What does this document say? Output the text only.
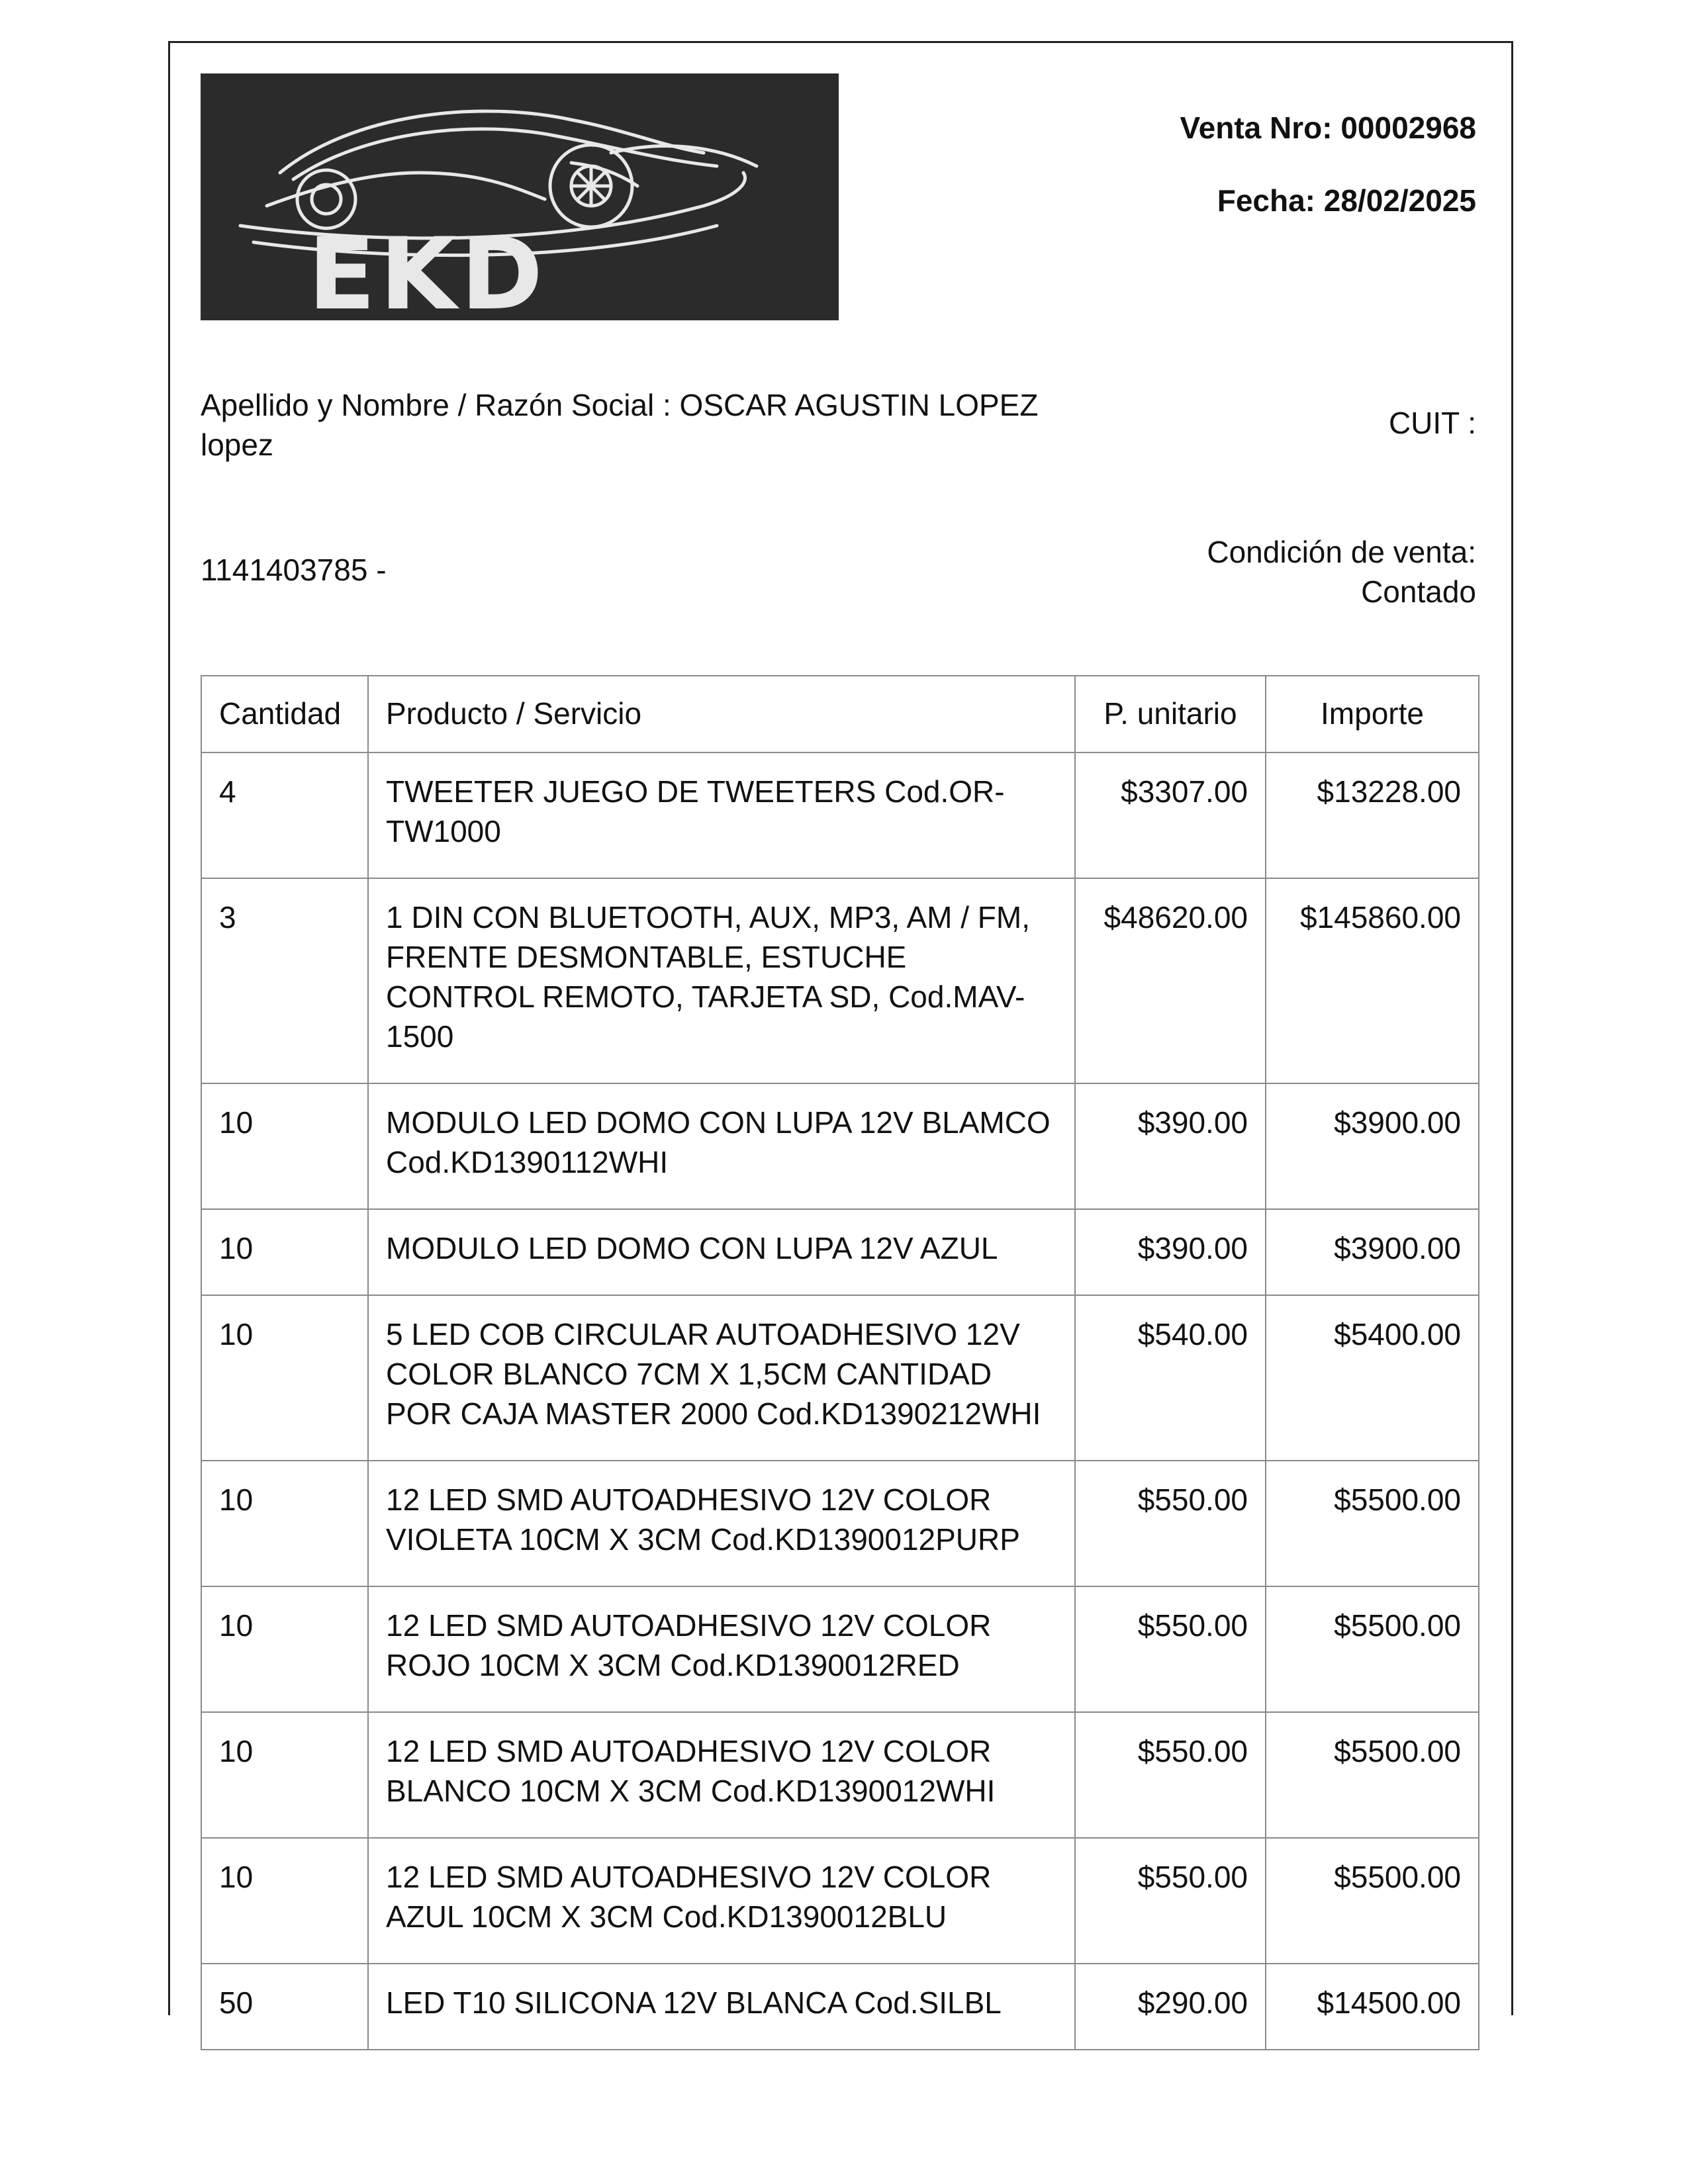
EKD
Venta Nro: 00002968
Fecha: 28/02/2025
Apellido y Nombre / Razón Social : OSCAR AGUSTIN LOPEZ lopez
CUIT :
1141403785 -
Condición de venta:
Contado
Cantidad	Producto / Servicio	P. unitario	Importe
4	TWEETER JUEGO DE TWEETERS Cod.OR-TW1000	$3307.00	$13228.00
3	1 DIN CON BLUETOOTH, AUX, MP3, AM / FM, FRENTE DESMONTABLE, ESTUCHE CONTROL REMOTO, TARJETA SD, Cod.MAV-1500	$48620.00	$145860.00
10	MODULO LED DOMO CON LUPA 12V BLAMCO Cod.KD1390112WHI	$390.00	$3900.00
10	MODULO LED DOMO CON LUPA 12V AZUL	$390.00	$3900.00
10	5 LED COB CIRCULAR AUTOADHESIVO 12V COLOR BLANCO 7CM X 1,5CM CANTIDAD POR CAJA MASTER 2000 Cod.KD1390212WHI	$540.00	$5400.00
10	12 LED SMD AUTOADHESIVO 12V COLOR VIOLETA 10CM X 3CM Cod.KD1390012PURP	$550.00	$5500.00
10	12 LED SMD AUTOADHESIVO 12V COLOR ROJO 10CM X 3CM Cod.KD1390012RED	$550.00	$5500.00
10	12 LED SMD AUTOADHESIVO 12V COLOR BLANCO 10CM X 3CM Cod.KD1390012WHI	$550.00	$5500.00
10	12 LED SMD AUTOADHESIVO 12V COLOR AZUL 10CM X 3CM Cod.KD1390012BLU	$550.00	$5500.00
50	LED T10 SILICONA 12V BLANCA Cod.SILBL	$290.00	$14500.00
